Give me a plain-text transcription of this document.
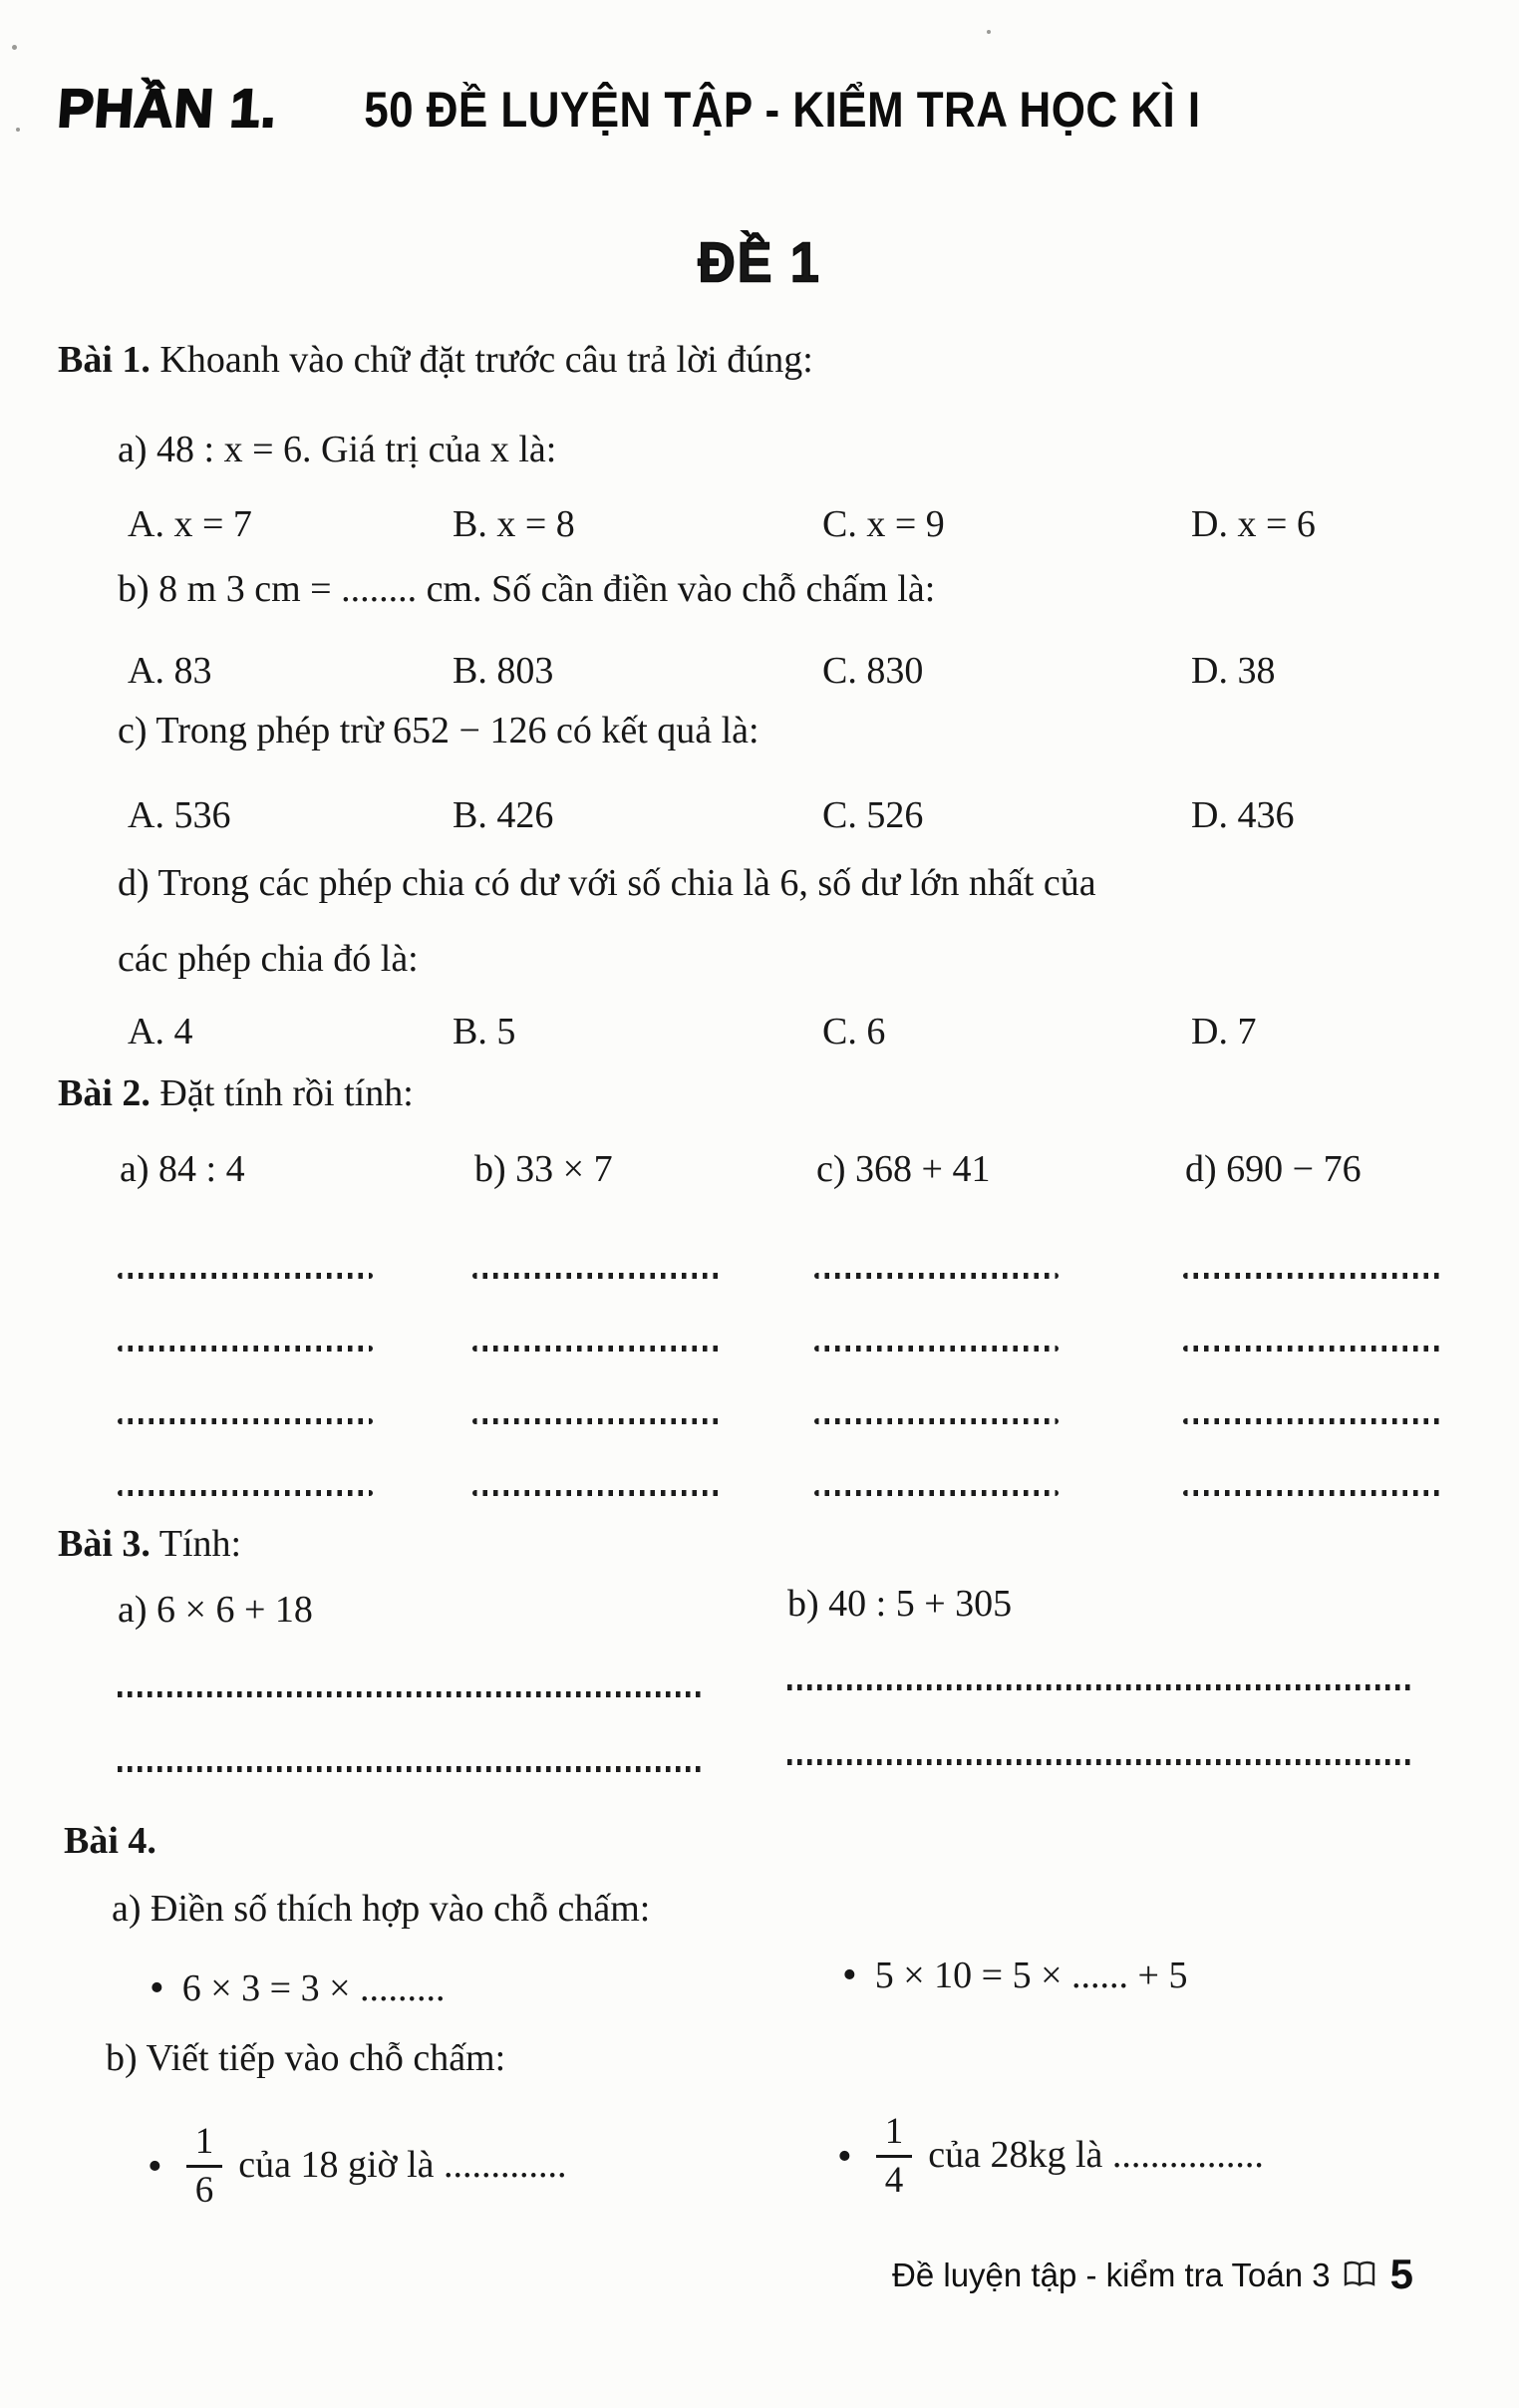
PHẦN 1. 50 ĐỀ LUYỆN TẬP - KIỂM TRA HỌC KÌ I
ĐỀ 1
Bài 1. Khoanh vào chữ đặt trước câu trả lời đúng:
a) 48 : x = 6. Giá trị của x là:
A. x = 7	B. x = 8	C. x = 9	D. x = 6
b) 8 m 3 cm = ........ cm. Số cần điền vào chỗ chấm là:
A. 83	B. 803	C. 830	D. 38
c) Trong phép trừ 652 − 126 có kết quả là:
A. 536	B. 426	C. 526	D. 436
d) Trong các phép chia có dư với số chia là 6, số dư lớn nhất của
các phép chia đó là:
A. 4	B. 5	C. 6	D. 7
Bài 2. Đặt tính rồi tính:
a) 84 : 4	b) 33 × 7	c) 368 + 41	d) 690 − 76
Bài 3. Tính:
a) 6 × 6 + 18	b) 40 : 5 + 305
Bài 4.
a) Điền số thích hợp vào chỗ chấm:
• 6 × 3 = 3 × .........	• 5 × 10 = 5 × ...... + 5
b) Viết tiếp vào chỗ chấm:
• $\frac{1}{6}$ của 18 giờ là .............	• $\frac{1}{4}$ của 28kg là ................
Đề luyện tập - kiểm tra Toán 3 5
